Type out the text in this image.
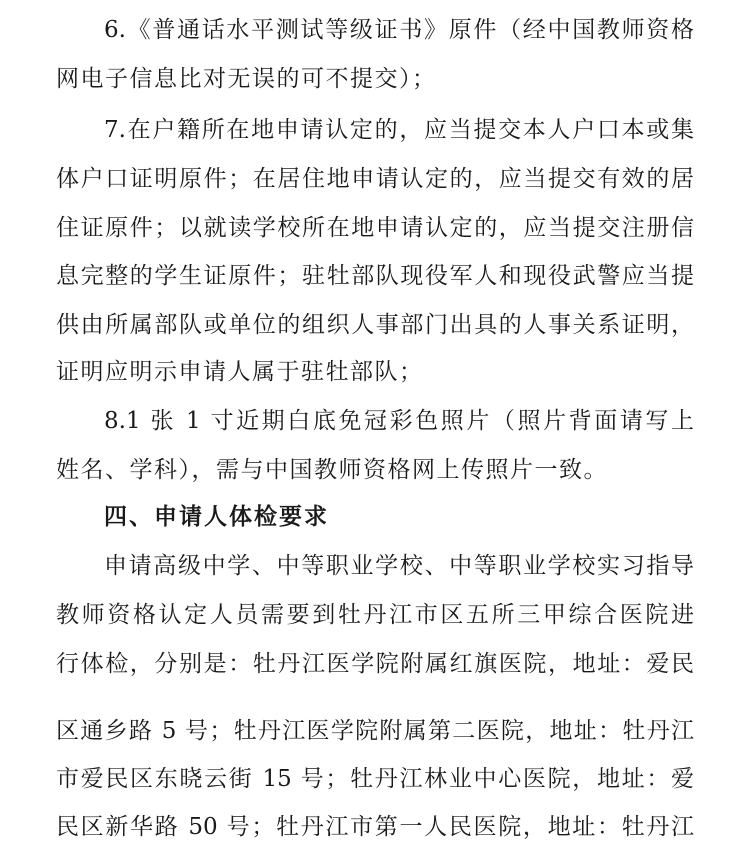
6.《普通话水平测试等级证书》原件（经中国教师资格
网电子信息比对无误的可不提交）；
7.在户籍所在地申请认定的，应当提交本人户口本或集
体户口证明原件；在居住地申请认定的，应当提交有效的居
住证原件；以就读学校所在地申请认定的，应当提交注册信
息完整的学生证原件；驻牡部队现役军人和现役武警应当提
供由所属部队或单位的组织人事部门出具的人事关系证明，
证明应明示申请人属于驻牡部队；
8.1 张 1 寸近期白底免冠彩色照片（照片背面请写上
姓名、学科），需与中国教师资格网上传照片一致。
四、申请人体检要求
申请高级中学、中等职业学校、中等职业学校实习指导
教师资格认定人员需要到牡丹江市区五所三甲综合医院进
行体检，分别是：牡丹江医学院附属红旗医院，地址：爱民
区通乡路 5 号；牡丹江医学院附属第二医院，地址：牡丹江
市爱民区东晓云街 15 号；牡丹江林业中心医院，地址：爱
民区新华路 50 号；牡丹江市第一人民医院，地址：牡丹江
